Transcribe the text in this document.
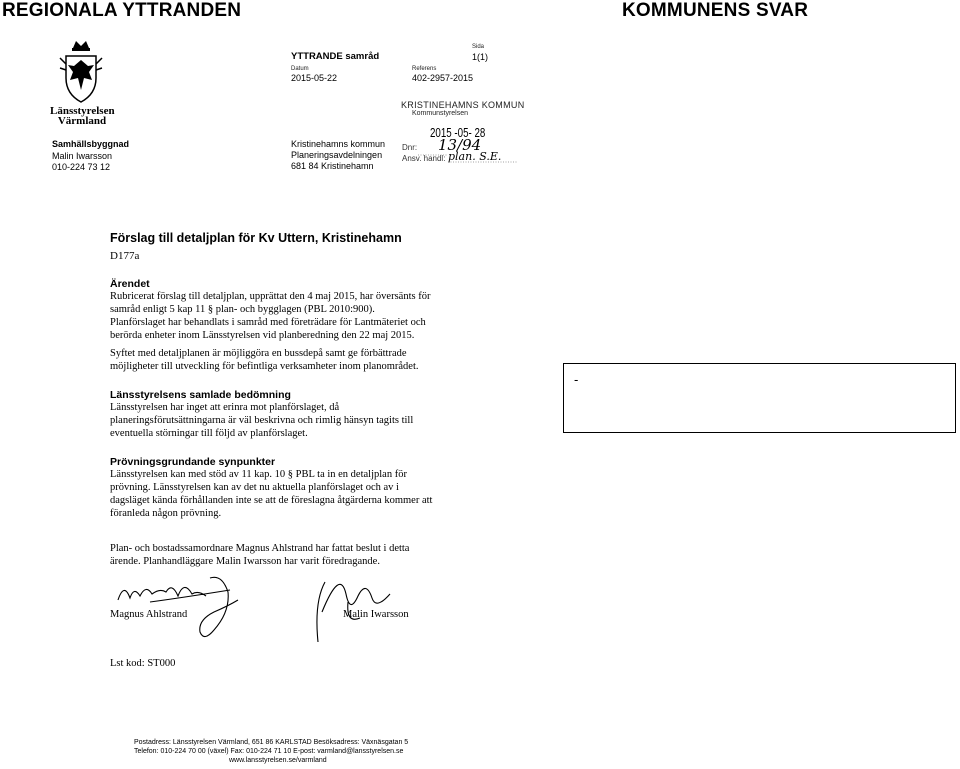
REGIONALA YTTRANDEN	KOMMUNENS SVAR
Länsstyrelsen Värmland
Samhällsbyggnad
Malin Iwarsson
010-224 73 12
YTTRANDE samråd
Sida
1(1)
Datum
2015-05-22
Referens
402-2957-2015
Kristinehamns kommun
Planeringsavdelningen
681 84 Kristinehamn
KRISTINEHAMNS KOMMUN
Kommunstyrelsen
2015 -05- 28
Dnr: 13/94
Ansv. handl: plan. S.E.
Förslag till detaljplan för Kv Uttern, Kristinehamn
D177a
Ärendet
Rubricerat förslag till detaljplan, upprättat den 4 maj 2015, har översänts för
samråd enligt 5 kap 11 § plan- och bygglagen (PBL 2010:900).
Planförslaget har behandlats i samråd med företrädare för Lantmäteriet och
berörda enheter inom Länsstyrelsen vid planberedning den 22 maj 2015.
Syftet med detaljplanen är möjliggöra en bussdepå samt ge förbättrade
möjligheter till utveckling för befintliga verksamheter inom planområdet.
Länsstyrelsens samlade bedömning
Länsstyrelsen har inget att erinra mot planförslaget, då
planeringsförutsättningarna är väl beskrivna och rimlig hänsyn tagits till
eventuella störningar till följd av planförslaget.
Prövningsgrundande synpunkter
Länsstyrelsen kan med stöd av 11 kap. 10 § PBL ta in en detaljplan för
prövning. Länsstyrelsen kan av det nu aktuella planförslaget och av i
dagsläget kända förhållanden inte se att de föreslagna åtgärderna kommer att
föranleda någon prövning.
Plan- och bostadssamordnare Magnus Ahlstrand har fattat beslut i detta
ärende. Planhandläggare Malin Iwarsson har varit föredragande.
Magnus Ahlstrand	Malin Iwarsson
Lst kod: ST000
Postadress: Länsstyrelsen Värmland, 651 86 KARLSTAD Besöksadress: Växnäsgatan 5
Telefon: 010-224 70 00 (växel) Fax: 010-224 71 10 E-post: varmland@lansstyrelsen.se
www.lansstyrelsen.se/varmland
-
